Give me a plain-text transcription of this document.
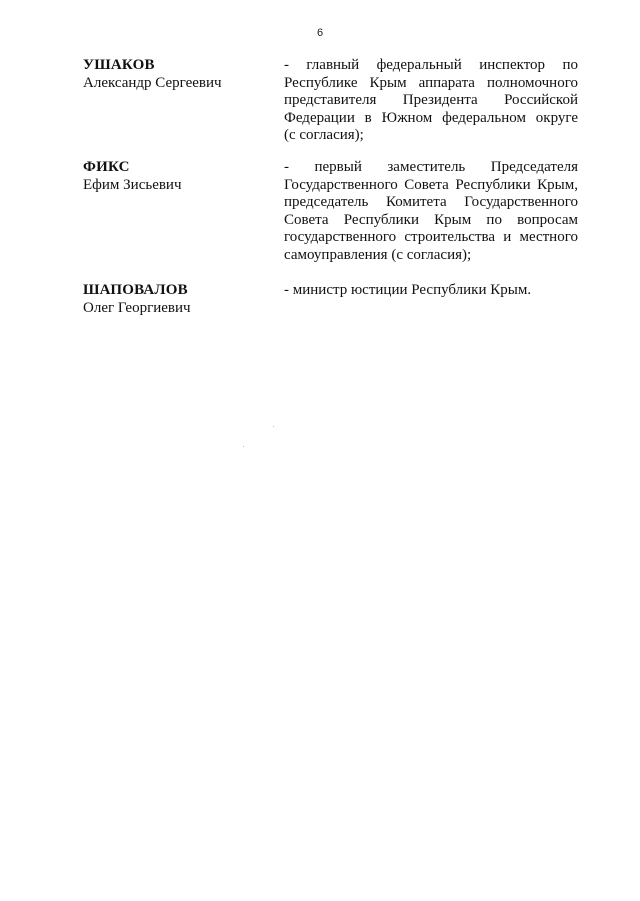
6
УШАКОВ
Александр Сергеевич
- главный федеральный инспектор по
Республике Крым аппарата полномочного
представителя Президента Российской
Федерации в Южном федеральном округе
(с согласия);
ФИКС
Ефим Зисьевич
- первый заместитель Председателя
Государственного Совета Республики Крым,
председатель Комитета Государственного
Совета Республики Крым по вопросам
государственного строительства и местного
самоуправления (с согласия);
ШАПОВАЛОВ
Олег Георгиевич
- министр юстиции Республики Крым.
